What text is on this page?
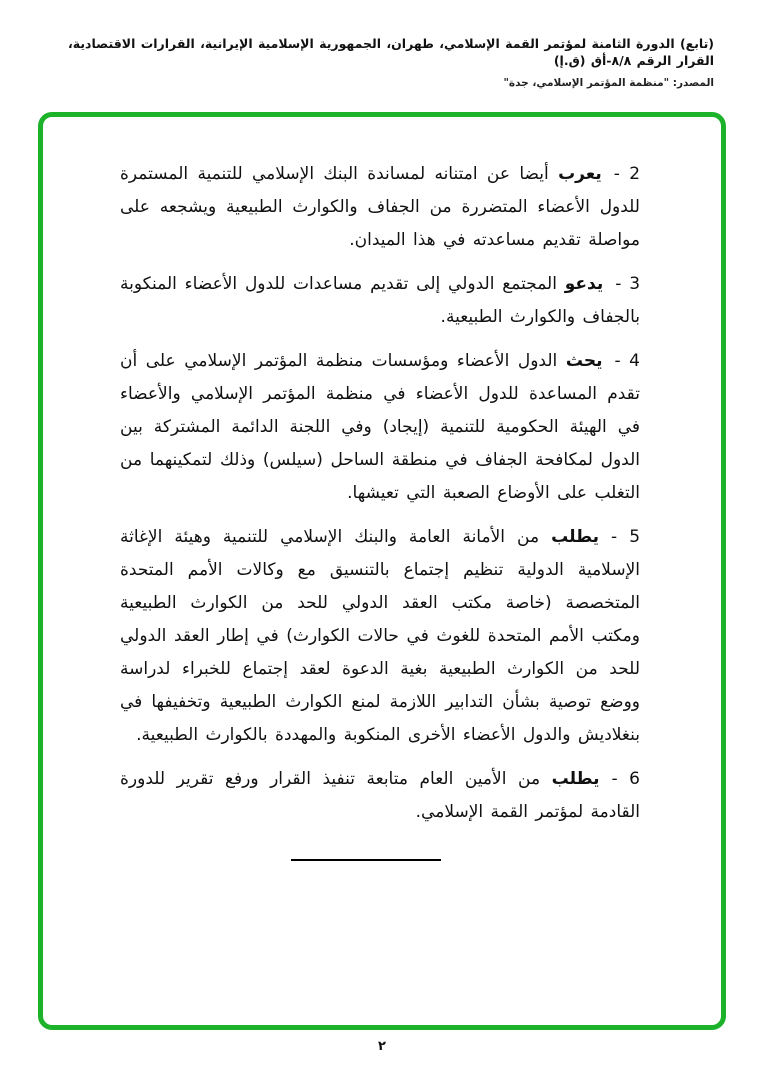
(تابع) الدورة الثامنة لمؤتمر القمة الإسلامي، طهران، الجمهورية الإسلامية الإيرانية، القرارات الاقتصادية، القرار الرقم ٨/٨-أق (ق.إ)
المصدر: "منظمة المؤتمر الإسلامي، جدة"

2 -يعرب أيضا عن امتنانه لمساندة البنك الإسلامي للتنمية المستمرة للدول الأعضاء المتضررة من الجفاف والكوارث الطبيعية ويشجعه على مواصلة تقديم مساعدته في هذا الميدان.

3 -يدعو المجتمع الدولي إلى تقديم مساعدات للدول الأعضاء المنكوبة بالجفاف والكوارث الطبيعية.

4 -يحث الدول الأعضاء ومؤسسات منظمة المؤتمر الإسلامي على أن تقدم المساعدة للدول الأعضاء في منظمة المؤتمر الإسلامي والأعضاء في الهيئة الحكومية للتنمية (إيجاد) وفي اللجنة الدائمة المشتركة بين الدول لمكافحة الجفاف في منطقة الساحل (سيلس) وذلك لتمكينهما من التغلب على الأوضاع الصعبة التي تعيشها.

5 -يطلب من الأمانة العامة والبنك الإسلامي للتنمية وهيئة الإغاثة الإسلامية الدولية تنظيم إجتماع بالتنسيق مع وكالات الأمم المتحدة المتخصصة (خاصة مكتب العقد الدولي للحد من الكوارث الطبيعية ومكتب الأمم المتحدة للغوث في حالات الكوارث) في إطار العقد الدولي للحد من الكوارث الطبيعية بغية الدعوة لعقد إجتماع للخبراء لدراسة ووضع توصية بشأن التدابير اللازمة لمنع الكوارث الطبيعية وتخفيفها في بنغلاديش والدول الأعضاء الأخرى المنكوبة والمهددة بالكوارث الطبيعية.

6 -يطلب من الأمين العام متابعة تنفيذ القرار ورفع تقرير للدورة القادمة لمؤتمر القمة الإسلامي.

٢
